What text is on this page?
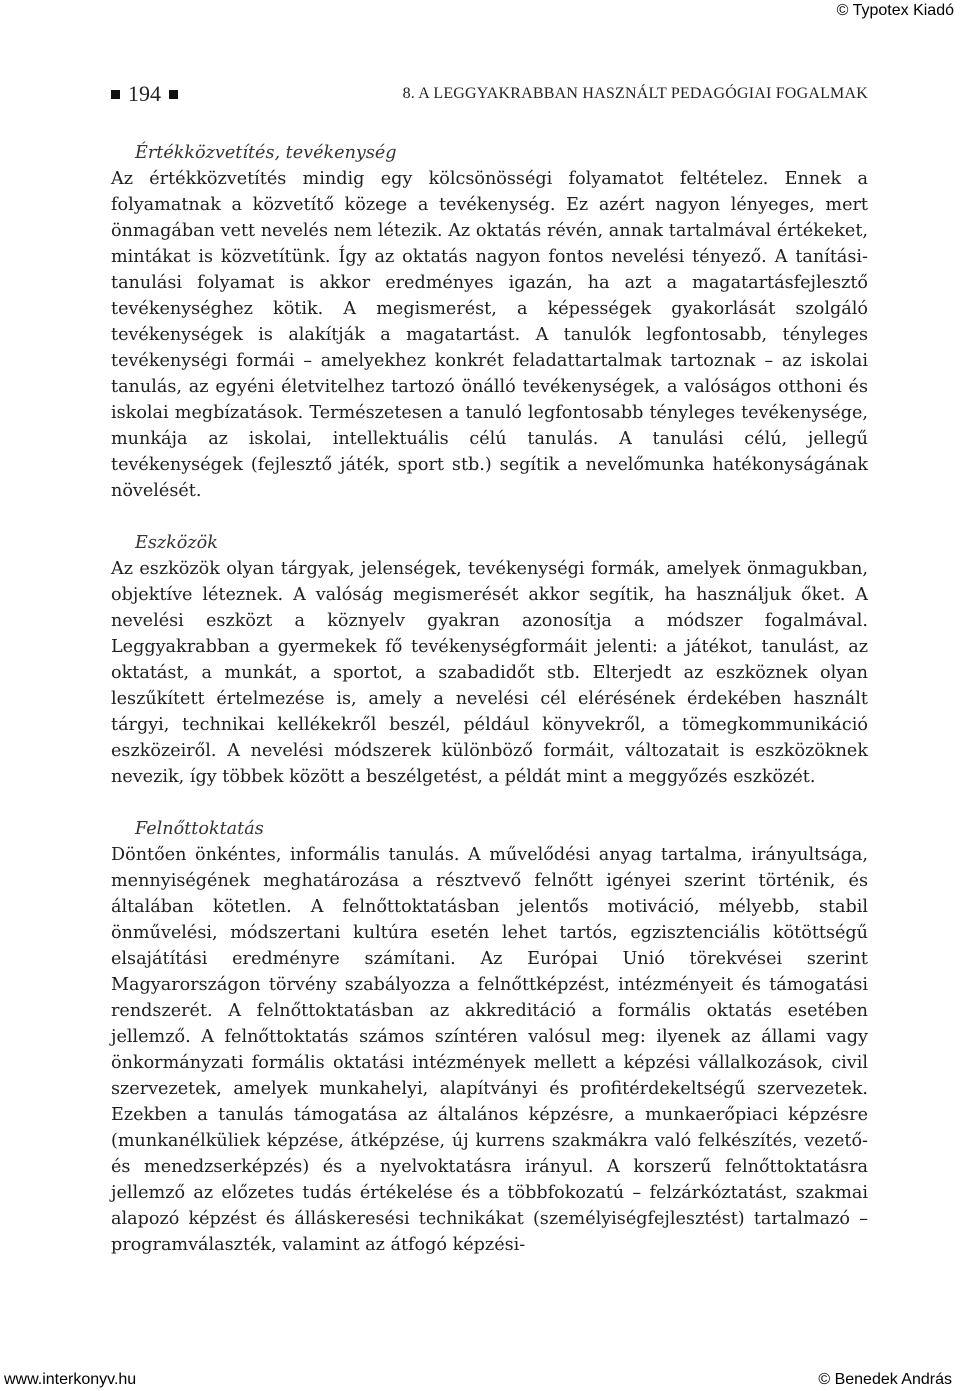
© Typotex Kiadó
194	8. A LEGGYAKRABBAN HASZNÁLT PEDAGÓGIAI FOGALMAK
Értékközvetítés, tevékenység

Az értékközvetítés mindig egy kölcsönösségi folyamatot feltételez. Ennek a folyamatnak a közvetítő közege a tevékenység. Ez azért nagyon lényeges, mert önmagában vett nevelés nem létezik. Az oktatás révén, annak tartalmával értékeket, mintákat is közvetítünk. Így az oktatás nagyon fontos nevelési tényező. A tanítási-tanulási folyamat is akkor eredményes igazán, ha azt a magatartásfejlesztő tevékenységhez kötik. A megismerést, a képességek gyakorlását szolgáló tevékenységek is alakítják a magatartást. A tanulók legfontosabb, tényleges tevékenységi formái – amelyekhez konkrét feladattartalmak tartoznak – az iskolai tanulás, az egyéni életvitelhez tartozó önálló tevékenységek, a valóságos otthoni és iskolai megbízatások. Természetesen a tanuló legfontosabb tényleges tevékenysége, munkája az iskolai, intellektuális célú tanulás. A tanulási célú, jellegű tevékenységek (fejlesztő játék, sport stb.) segítik a nevelőmunka hatékonyságának növelését.

Eszközök

Az eszközök olyan tárgyak, jelenségek, tevékenységi formák, amelyek önmagukban, objektíve léteznek. A valóság megismerését akkor segítik, ha használjuk őket. A nevelési eszközt a köznyelv gyakran azonosítja a módszer fogalmával. Leggyakrabban a gyermekek fő tevékenységformáit jelenti: a játékot, tanulást, az oktatást, a munkát, a sportot, a szabadidőt stb. Elterjedt az eszköznek olyan leszűkített értelmezése is, amely a nevelési cél elérésének érdekében használt tárgyi, technikai kellékekről beszél, például könyvekről, a tömegkommunikáció eszközeiről. A nevelési módszerek különböző formáit, változatait is eszközöknek nevezik, így többek között a beszélgetést, a példát mint a meggyőzés eszközét.

Felnőttoktatás

Döntően önkéntes, informális tanulás. A művelődési anyag tartalma, irányultsága, mennyiségének meghatározása a résztvevő felnőtt igényei szerint történik, és általában kötetlen. A felnőttoktatásban jelentős motiváció, mélyebb, stabil önművelési, módszertani kultúra esetén lehet tartós, egzisztenciális kötöttségű elsajátítási eredményre számítani. Az Európai Unió törekvései szerint Magyarországon törvény szabályozza a felnőttképzést, intézményeit és támogatási rendszerét. A felnőttoktatásban az akkreditáció a formális oktatás esetében jellemző. A felnőttoktatás számos színtéren valósul meg: ilyenek az állami vagy önkormányzati formális oktatási intézmények mellett a képzési vállalkozások, civil szervezetek, amelyek munkahelyi, alapítványi és profitérdekeltségű szervezetek. Ezekben a tanulás támogatása az általános képzésre, a munkaerőpiaci képzésre (munkanélküliek képzése, átképzése, új kurrens szakmákra való felkészítés, vezető- és menedzserképzés) és a nyelvoktatásra irányul. A korszerű felnőttoktatásra jellemző az előzetes tudás értékelése és a többfokozatú – felzárkóztatást, szakmai alapozó képzést és álláskeresési technikákat (személyiségfejlesztést) tartalmazó – programválaszték, valamint az átfogó képzési-

www.interkonyv.hu	© Benedek András
